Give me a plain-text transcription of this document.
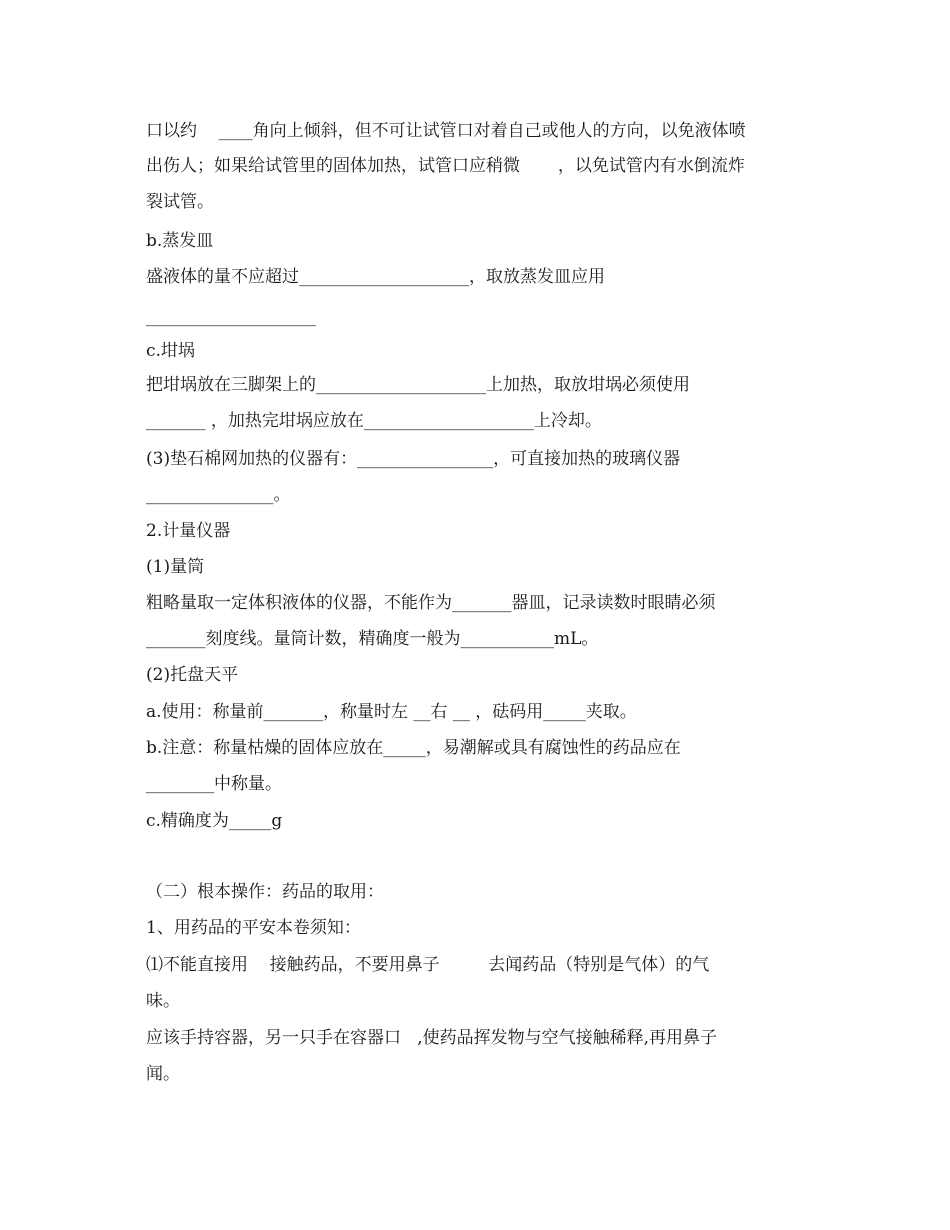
口以约    ____角向上倾斜，但不可让试管口对着自己或他人的方向，以免液体喷
出伤人；如果给试管里的固体加热，试管口应稍微       ，以免试管内有水倒流炸
裂试管。
b.蒸发皿
盛液体的量不应超过____________________，取放蒸发皿应用
____________________
c.坩埚
把坩埚放在三脚架上的____________________上加热，取放坩埚必须使用
_______ ，加热完坩埚应放在____________________上冷却。
(3)垫石棉网加热的仪器有：________________，可直接加热的玻璃仪器
_______________。
2.计量仪器
(1)量筒
粗略量取一定体积液体的仪器，不能作为_______器皿，记录读数时眼睛必须
_______刻度线。量筒计数，精确度一般为___________mL。
(2)托盘天平
a.使用：称量前_______，称量时左 __右 __ ，砝码用_____夹取。
b.注意：称量枯燥的固体应放在_____，易潮解或具有腐蚀性的药品应在
________中称量。
c.精确度为_____g
（二）根本操作：药品的取用：
1、用药品的平安本卷须知：
⑴不能直接用    接触药品，不要用鼻子         去闻药品（特别是气体）的气
味。
应该手持容器，另一只手在容器口   ,使药品挥发物与空气接触稀释,再用鼻子
闻。
